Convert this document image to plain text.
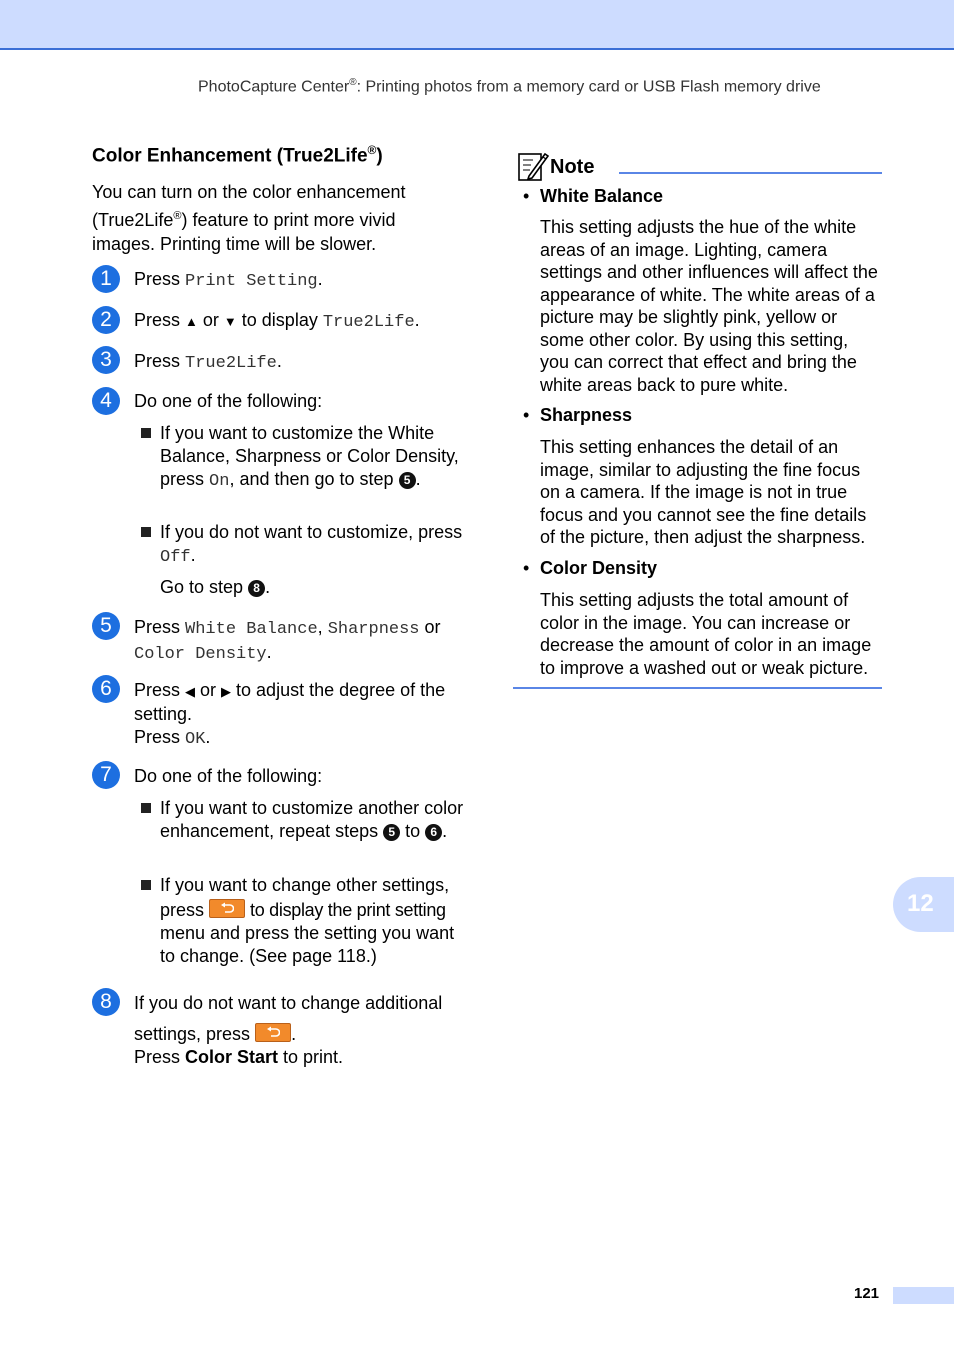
PhotoCapture Center®: Printing photos from a memory card or USB Flash memory drive
Color Enhancement (True2Life®)
You can turn on the color enhancement
(True2Life®) feature to print more vivid
images. Printing time will be slower.
1	Press Print Setting.
2	Press ▲ or ▼ to display True2Life.
3	Press True2Life.
4	Do one of the following:
If you want to customize the White Balance, Sharpness or Color Density, press On, and then go to step 5 .
If you do not want to customize, press Off.
Go to step 8 .
5	Press White Balance, Sharpness or Color Density.
6	Press ◀ or ▶ to adjust the degree of the setting.
Press OK.
7	Do one of the following:
If you want to customize another color enhancement, repeat steps 5 to 6 .
If you want to change other settings,
press
to display the print setting
menu and press the setting you want to change. (See page 118.)
8	If you do not want to change additional
settings, press
.
Press Color Start to print.
Note
• White Balance
This setting adjusts the hue of the white areas of an image. Lighting, camera settings and other influences will affect the appearance of white. The white areas of a picture may be slightly pink, yellow or some other color. By using this setting, you can correct that effect and bring the white areas back to pure white.
• Sharpness
This setting enhances the detail of an image, similar to adjusting the fine focus on a camera. If the image is not in true focus and you cannot see the fine details of the picture, then adjust the sharpness.
• Color Density
This setting adjusts the total amount of color in the image. You can increase or decrease the amount of color in an image to improve a washed out or weak picture.
12
121
